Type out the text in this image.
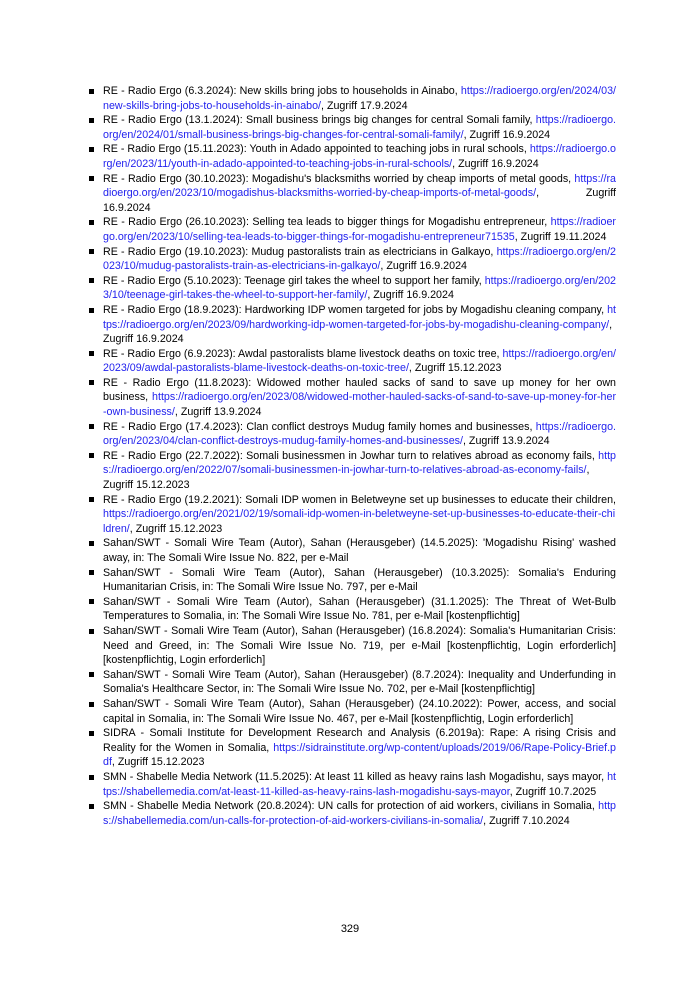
RE - Radio Ergo (6.3.2024): New skills bring jobs to households in Ainabo, https://radioergo.org/en/2024/03/new-skills-bring-jobs-to-households-in-ainabo/, Zugriff 17.9.2024
RE - Radio Ergo (13.1.2024): Small business brings big changes for central Somali family, https://radioergo.org/en/2024/01/small-business-brings-big-changes-for-central-somali-family/, Zugriff 16.9.2024
RE - Radio Ergo (15.11.2023): Youth in Adado appointed to teaching jobs in rural schools, https://radioergo.org/en/2023/11/youth-in-adado-appointed-to-teaching-jobs-in-rural-schools/, Zugriff 16.9.2024
RE - Radio Ergo (30.10.2023): Mogadishu's blacksmiths worried by cheap imports of metal goods, https://radioergo.org/en/2023/10/mogadishus-blacksmiths-worried-by-cheap-imports-of-metal-goods/, Zugriff 16.9.2024
RE - Radio Ergo (26.10.2023): Selling tea leads to bigger things for Mogadishu entrepreneur, https://radioergo.org/en/2023/10/selling-tea-leads-to-bigger-things-for-mogadishu-entrepreneur71535, Zugriff 19.11.2024
RE - Radio Ergo (19.10.2023): Mudug pastoralists train as electricians in Galkayo, https://radioergo.org/en/2023/10/mudug-pastoralists-train-as-electricians-in-galkayo/, Zugriff 16.9.2024
RE - Radio Ergo (5.10.2023): Teenage girl takes the wheel to support her family, https://radioergo.org/en/2023/10/teenage-girl-takes-the-wheel-to-support-her-family/, Zugriff 16.9.2024
RE - Radio Ergo (18.9.2023): Hardworking IDP women targeted for jobs by Mogadishu cleaning company, https://radioergo.org/en/2023/09/hardworking-idp-women-targeted-for-jobs-by-mogadishu-cleaning-company/, Zugriff 16.9.2024
RE - Radio Ergo (6.9.2023): Awdal pastoralists blame livestock deaths on toxic tree, https://radioergo.org/en/2023/09/awdal-pastoralists-blame-livestock-deaths-on-toxic-tree/, Zugriff 15.12.2023
RE - Radio Ergo (11.8.2023): Widowed mother hauled sacks of sand to save up money for her own business, https://radioergo.org/en/2023/08/widowed-mother-hauled-sacks-of-sand-to-save-up-money-for-her-own-business/, Zugriff 13.9.2024
RE - Radio Ergo (17.4.2023): Clan conflict destroys Mudug family homes and businesses, https://radioergo.org/en/2023/04/clan-conflict-destroys-mudug-family-homes-and-businesses/, Zugriff 13.9.2024
RE - Radio Ergo (22.7.2022): Somali businessmen in Jowhar turn to relatives abroad as economy fails, https://radioergo.org/en/2022/07/somali-businessmen-in-jowhar-turn-to-relatives-abroad-as-economy-fails/, Zugriff 15.12.2023
RE - Radio Ergo (19.2.2021): Somali IDP women in Beletweyne set up businesses to educate their children, https://radioergo.org/en/2021/02/19/somali-idp-women-in-beletweyne-set-up-businesses-to-educate-their-children/, Zugriff 15.12.2023
Sahan/SWT - Somali Wire Team (Autor), Sahan (Herausgeber) (14.5.2025): 'Mogadishu Rising' washed away, in: The Somali Wire Issue No. 822, per e-Mail
Sahan/SWT - Somali Wire Team (Autor), Sahan (Herausgeber) (10.3.2025): Somalia's Enduring Humanitarian Crisis, in: The Somali Wire Issue No. 797, per e-Mail
Sahan/SWT - Somali Wire Team (Autor), Sahan (Herausgeber) (31.1.2025): The Threat of Wet-Bulb Temperatures to Somalia, in: The Somali Wire Issue No. 781, per e-Mail [kostenpflichtig]
Sahan/SWT - Somali Wire Team (Autor), Sahan (Herausgeber) (16.8.2024): Somalia's Humanitarian Crisis: Need and Greed, in: The Somali Wire Issue No. 719, per e-Mail [kostenpflichtig, Login erforderlich] [kostenpflichtig, Login erforderlich]
Sahan/SWT - Somali Wire Team (Autor), Sahan (Herausgeber) (8.7.2024): Inequality and Underfunding in Somalia's Healthcare Sector, in: The Somali Wire Issue No. 702, per e-Mail [kostenpflichtig]
Sahan/SWT - Somali Wire Team (Autor), Sahan (Herausgeber) (24.10.2022): Power, access, and social capital in Somalia, in: The Somali Wire Issue No. 467, per e-Mail [kostenpflichtig, Login erforderlich]
SIDRA - Somali Institute for Development Research and Analysis (6.2019a): Rape: A rising Crisis and Reality for the Women in Somalia, https://sidrainstitute.org/wp-content/uploads/2019/06/Rape-Policy-Brief.pdf, Zugriff 15.12.2023
SMN - Shabelle Media Network (11.5.2025): At least 11 killed as heavy rains lash Mogadishu, says mayor, https://shabellemedia.com/at-least-11-killed-as-heavy-rains-lash-mogadishu-says-mayor, Zugriff 10.7.2025
SMN - Shabelle Media Network (20.8.2024): UN calls for protection of aid workers, civilians in Somalia, https://shabellemedia.com/un-calls-for-protection-of-aid-workers-civilians-in-somalia/, Zugriff 7.10.2024
329
